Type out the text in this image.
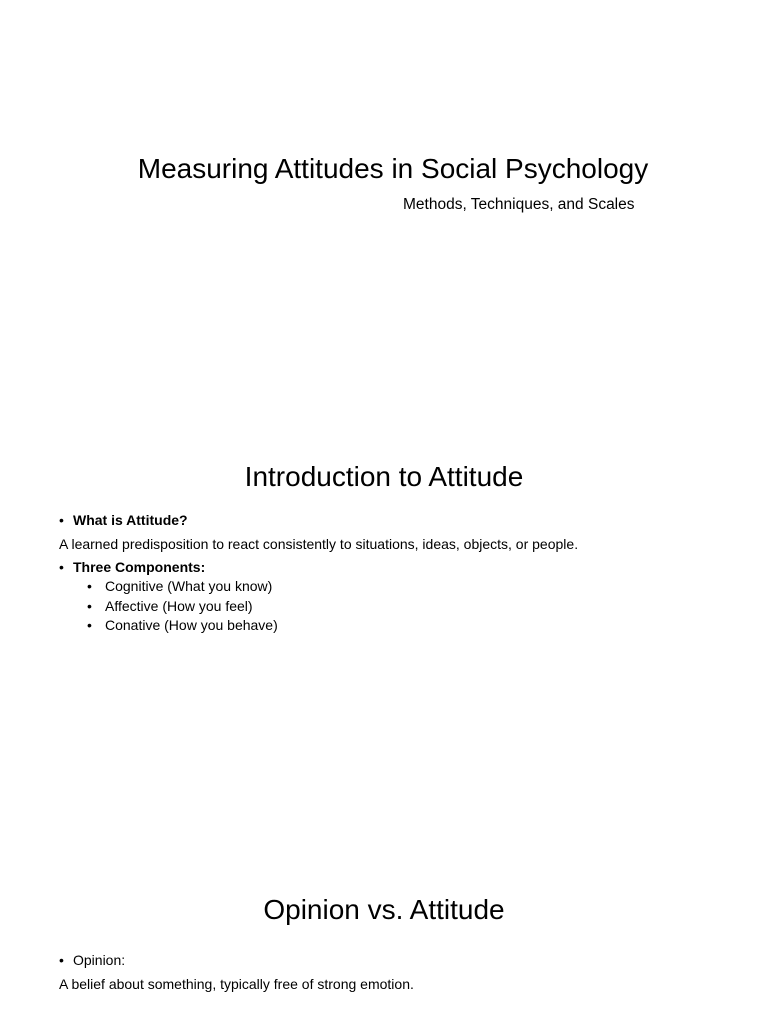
Measuring Attitudes in Social Psychology
Methods, Techniques, and Scales
Introduction to Attitude
• What is Attitude?
A learned predisposition to react consistently to situations, ideas, objects, or people.
• Three Components:
• Cognitive (What you know)
• Affective (How you feel)
• Conative (How you behave)
Opinion vs. Attitude
• Opinion:
A belief about something, typically free of strong emotion.
